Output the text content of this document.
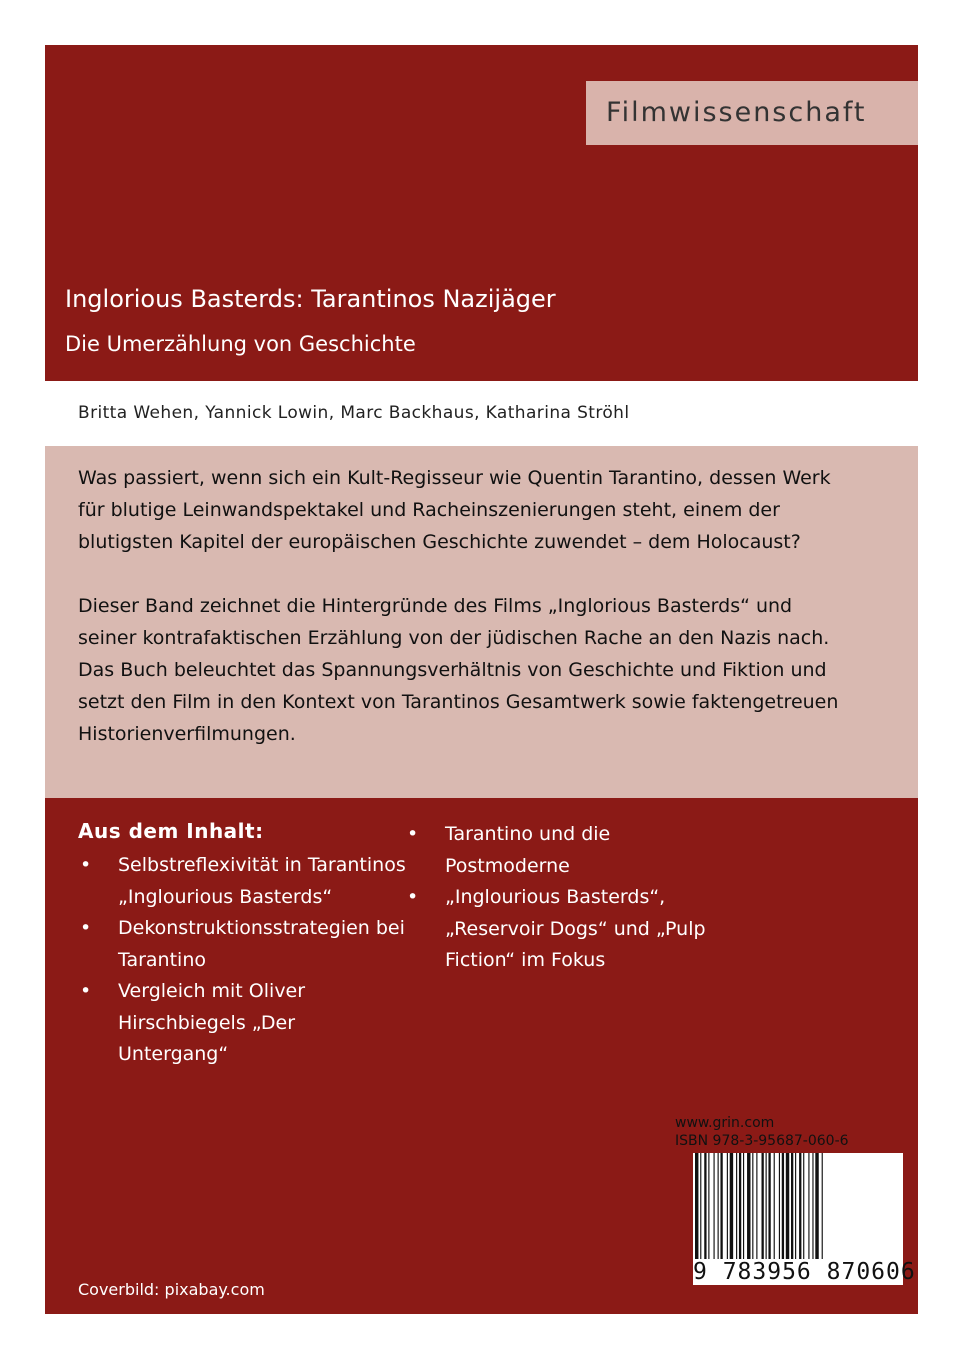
Filmwissenschaft
Inglorious Basterds: Tarantinos Nazijäger
Die Umerzählung von Geschichte
Britta Wehen, Yannick Lowin, Marc Backhaus, Katharina Ströhl

Was passiert, wenn sich ein Kult-Regisseur wie Quentin Tarantino, dessen Werk für blutige Leinwandspektakel und Racheinszenierungen steht, einem der blutigsten Kapitel der europäischen Geschichte zuwendet – dem Holocaust?

Dieser Band zeichnet die Hintergründe des Films „Inglorious Basterds“ und seiner kontrafaktischen Erzählung von der jüdischen Rache an den Nazis nach. Das Buch beleuchtet das Spannungsverhältnis von Geschichte und Fiktion und setzt den Film in den Kontext von Tarantinos Gesamtwerk sowie faktengetreuen Historienverfilmungen.

Aus dem Inhalt:
• Selbstreflexivität in Tarantinos „Inglourious Basterds“
• Dekonstruktionsstrategien bei Tarantino
• Vergleich mit Oliver Hirschbiegels „Der Untergang“
• Tarantino und die Postmoderne
• „Inglourious Basterds“, „Reservoir Dogs“ und „Pulp Fiction“ im Fokus
www.grin.com
ISBN 978-3-95687-060-6
9 783956 870606
Coverbild: pixabay.com
